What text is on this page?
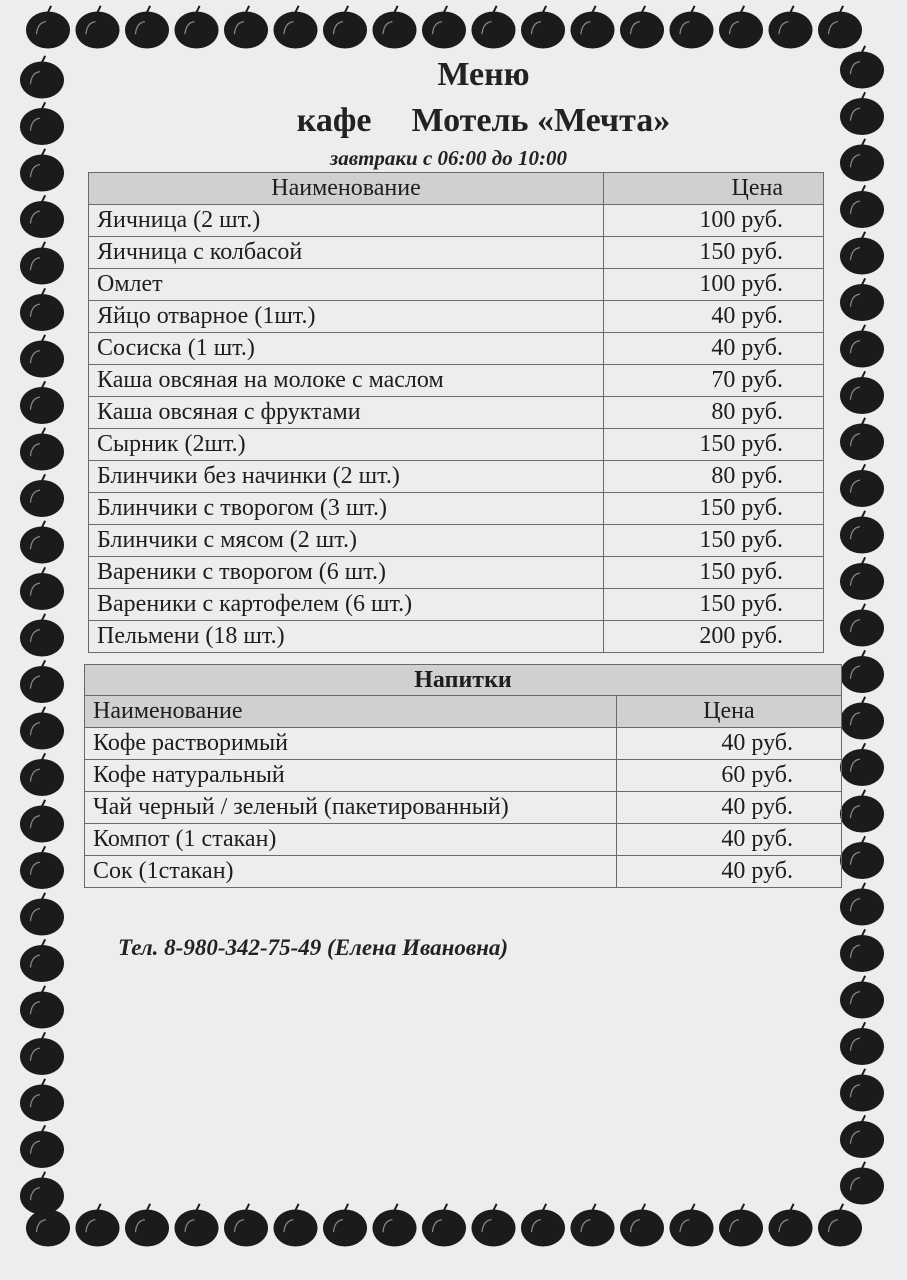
Меню
кафе Мотель «Мечта»
завтраки с 06:00 до 10:00
Наименование	Цена
Яичница (2 шт.)	100 руб.
Яичница с колбасой	150 руб.
Омлет	100 руб.
Яйцо отварное (1шт.)	40 руб.
Сосиска (1 шт.)	40 руб.
Каша овсяная на молоке с маслом	70 руб.
Каша овсяная с фруктами	80 руб.
Сырник (2шт.)	150 руб.
Блинчики без начинки (2 шт.)	80 руб.
Блинчики с творогом (3 шт.)	150 руб.
Блинчики с мясом (2 шт.)	150 руб.
Вареники с творогом (6 шт.)	150 руб.
Вареники с картофелем (6 шт.)	150 руб.
Пельмени (18 шт.)	200 руб.
Напитки	
Наименование	Цена
Кофе растворимый	40 руб.
Кофе натуральный	60 руб.
Чай черный / зеленый (пакетированный)	40 руб.
Компот (1 стакан)	40 руб.
Сок (1стакан)	40 руб.
Тел. 8-980-342-75-49 (Елена Ивановна)
